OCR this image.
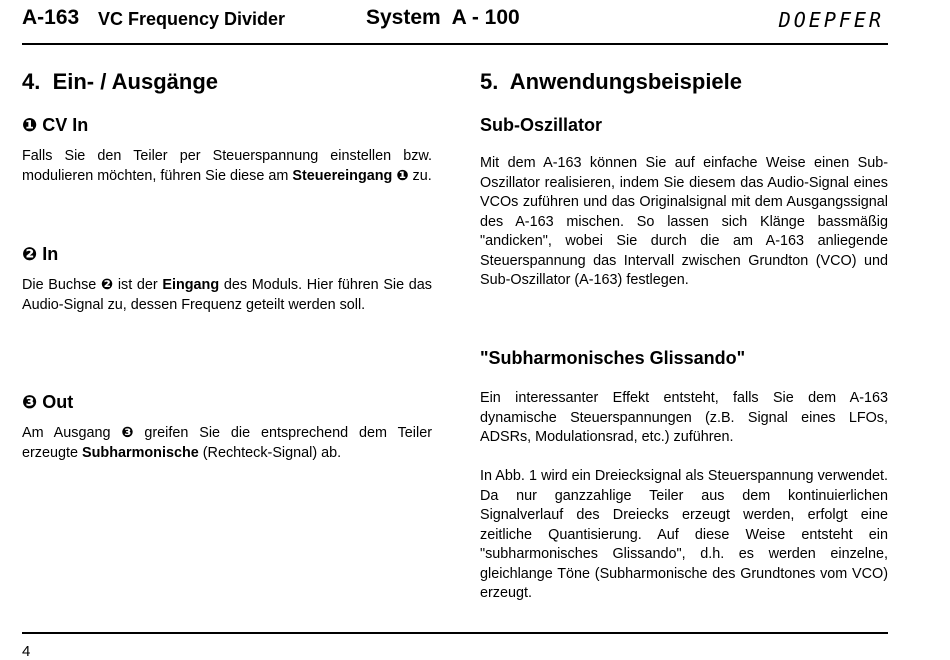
A-163 VC Frequency Divider	System  A - 100	DOEPFER
4.  Ein- / Ausgänge
❶ CV In

Falls Sie den Teiler per Steuerspannung einstellen bzw. modulieren möchten, führen Sie diese am Steuereingang ❶ zu.

❷ In

Die Buchse ❷ ist der Eingang des Moduls. Hier führen Sie das Audio-Signal zu, dessen Frequenz geteilt werden soll.

❸ Out

Am Ausgang ❸ greifen Sie die entsprechend dem Teiler erzeugte Subharmonische (Rechteck-Signal) ab.

5.  Anwendungsbeispiele
Sub-Oszillator

Mit dem A-163 können Sie auf einfache Weise einen Sub-Oszillator realisieren, indem Sie diesem das Audio-Signal eines VCOs zuführen und das Originalsignal mit dem Ausgangssignal des A-163 mischen. So lassen sich Klänge bassmäßig "andicken", wobei Sie durch die am A-163 anliegende Steuerspannung das Intervall zwischen Grundton (VCO) und Sub-Oszillator (A-163) festlegen.

"Subharmonisches Glissando"

Ein interessanter Effekt entsteht, falls Sie dem A-163 dynamische Steuerspannungen (z.B. Signal eines LFOs, ADSRs, Modulationsrad, etc.) zuführen.

In Abb. 1 wird ein Dreiecksignal als Steuerspannung verwendet. Da nur ganzzahlige Teiler aus dem kontinuierlichen Signalverlauf des Dreiecks erzeugt werden, erfolgt eine zeitliche Quantisierung. Auf diese Weise entsteht ein "subharmonisches Glissando", d.h. es werden einzelne, gleichlange Töne (Subharmonische des Grundtones vom VCO) erzeugt.

4
